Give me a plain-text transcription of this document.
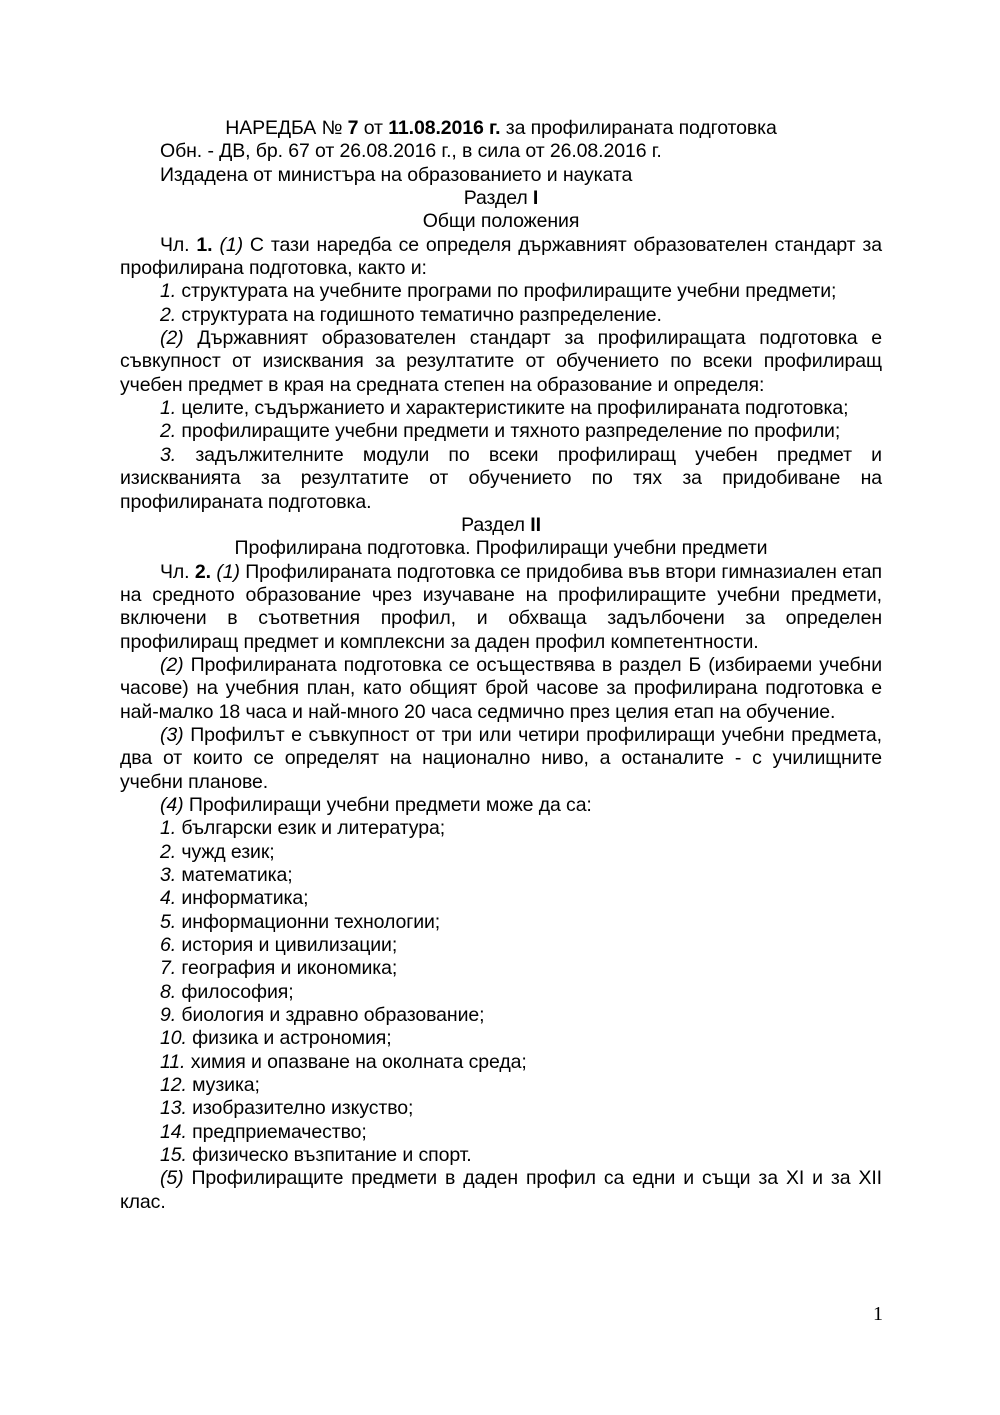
НАРЕДБА № 7 от 11.08.2016 г. за профилираната подготовка

Обн. - ДВ, бр. 67 от 26.08.2016 г., в сила от 26.08.2016 г.

Издадена от министъра на образованието и науката

Раздел I

Общи положения

Чл. 1. (1) С тази наредба се определя държавният образователен стандарт за профилирана подготовка, както и:

1. структурата на учебните програми по профилиращите учебни предмети;

2. структурата на годишното тематично разпределение.

(2) Държавният образователен стандарт за профилиращата подготовка е съвкупност от изисквания за резултатите от обучението по всеки профилиращ учебен предмет в края на средната степен на образование и определя:

1. целите, съдържанието и характеристиките на профилираната подготовка;

2. профилиращите учебни предмети и тяхното разпределение по профили;

3. задължителните модули по всеки профилиращ учебен предмет и изискванията за резултатите от обучението по тях за придобиване на профилираната подготовка.

Раздел II

Профилирана подготовка. Профилиращи учебни предмети

Чл. 2. (1) Профилираната подготовка се придобива във втори гимназиален етап на средното образование чрез изучаване на профилиращите учебни предмети, включени в съответния профил, и обхваща задълбочени за определен профилиращ предмет и комплексни за даден профил компетентности.

(2) Профилираната подготовка се осъществява в раздел Б (избираеми учебни часове) на учебния план, като общият брой часове за профилирана подготовка е най-малко 18 часа и най-много 20 часа седмично през целия етап на обучение.

(3) Профилът е съвкупност от три или четири профилиращи учебни предмета, два от които се определят на национално ниво, а останалите - с училищните учебни планове.

(4) Профилиращи учебни предмети може да са:

1. български език и литература;

2. чужд език;

3. математика;

4. информатика;

5. информационни технологии;

6. история и цивилизации;

7. география и икономика;

8. философия;

9. биология и здравно образование;

10. физика и астрономия;

11. химия и опазване на околната среда;

12. музика;

13. изобразително изкуство;

14. предприемачество;

15. физическо възпитание и спорт.

(5) Профилиращите предмети в даден профил са едни и същи за XI и за XII клас.

1
